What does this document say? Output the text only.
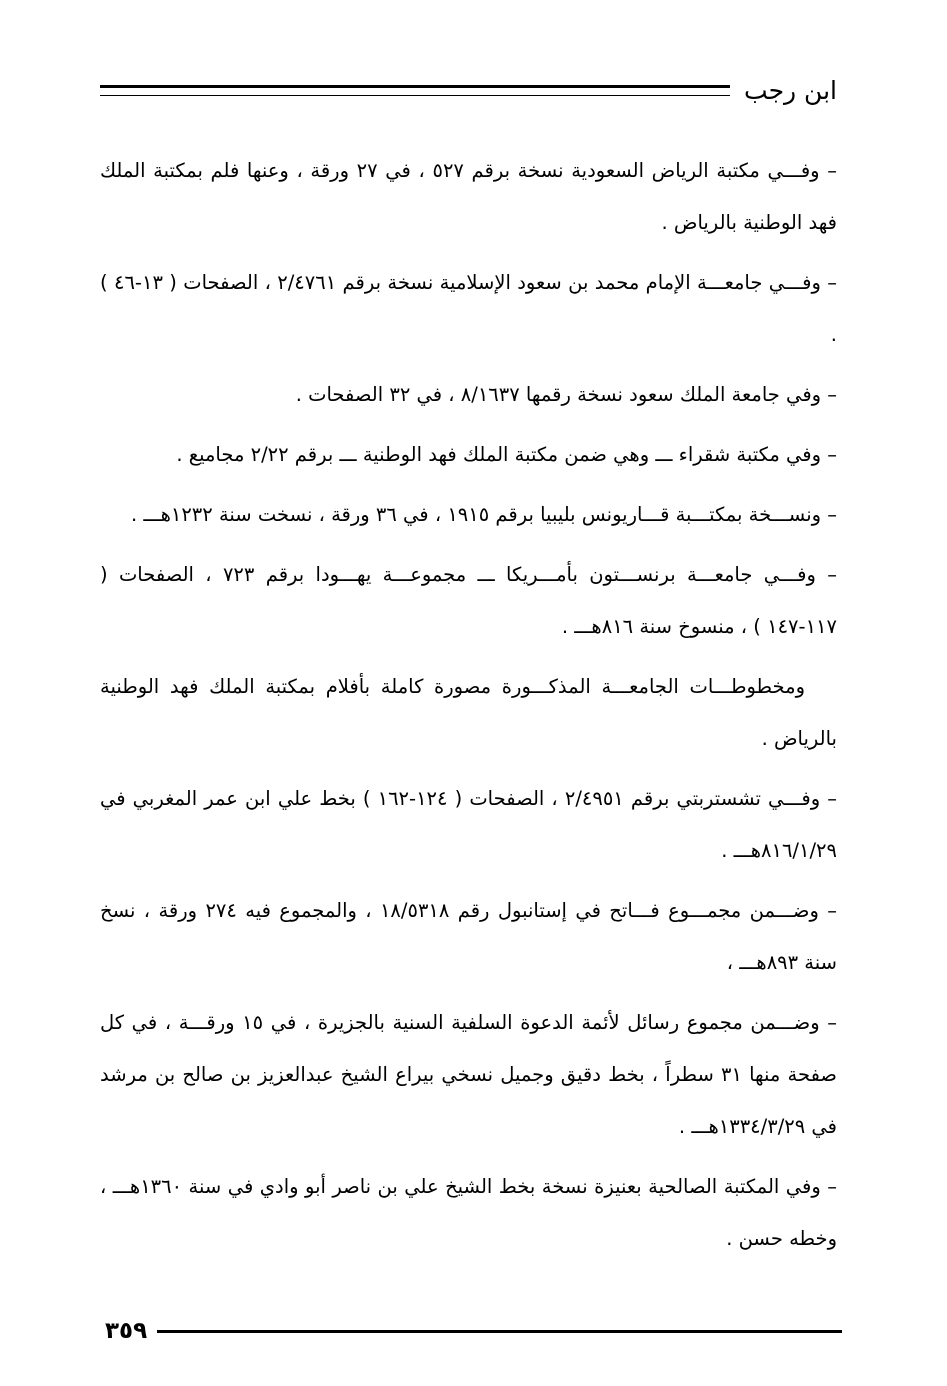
ابن رجب

– وفـــي مكتبة الرياض السعودية نسخة برقم ٥٢٧ ، في ٢٧ ورقة ، وعنها فلم بمكتبة الملك فهد الوطنية بالرياض .

– وفـــي جامعـــة الإمام محمد بن سعود الإسلامية نسخة برقم ٢/٤٧٦١ ، الصفحات ( ١٣-٤٦ ) .

– وفي جامعة الملك سعود نسخة رقمها ٨/١٦٣٧ ، في ٣٢ الصفحات .

– وفي مكتبة شقراء ـــ وهي ضمن مكتبة الملك فهد الوطنية ـــ برقم ٢/٢٢ مجاميع .

– ونســـخة بمكتـــبة قـــاريونس بليبيا برقم ١٩١٥ ، في ٣٦ ورقة ، نسخت سنة ١٢٣٢هـــ .

– وفـــي جامعـــة برنســـتون بأمـــريكا ـــ مجموعـــة يهـــودا برقم ٧٢٣ ، الصفحات ( ١١٧-١٤٧ ) ، منسوخ سنة ٨١٦هـــ .

ومخطوطـــات الجامعـــة المذكـــورة مصورة كاملة بأفلام بمكتبة الملك فهد الوطنية بالرياض .

– وفـــي تشستربتي برقم ٢/٤٩٥١ ، الصفحات ( ١٢٤-١٦٢ ) بخط علي ابن عمر المغربي في ٨١٦/١/٢٩هـــ .

– وضـــمن مجمـــوع فـــاتح في إستانبول رقم ١٨/٥٣١٨ ، والمجموع فيه ٢٧٤ ورقة ، نسخ سنة ٨٩٣هـــ ،

– وضـــمن مجموع رسائل لأئمة الدعوة السلفية السنية بالجزيرة ، في ١٥ ورقـــة ، في كل صفحة منها ٣١ سطراً ، بخط دقيق وجميل نسخي بيراع الشيخ عبدالعزيز بن صالح بن مرشد في ١٣٣٤/٣/٢٩هـــ .

– وفي المكتبة الصالحية بعنيزة نسخة بخط الشيخ علي بن ناصر أبو وادي في سنة ١٣٦٠هـــ ، وخطه حسن .

٣٥٩
